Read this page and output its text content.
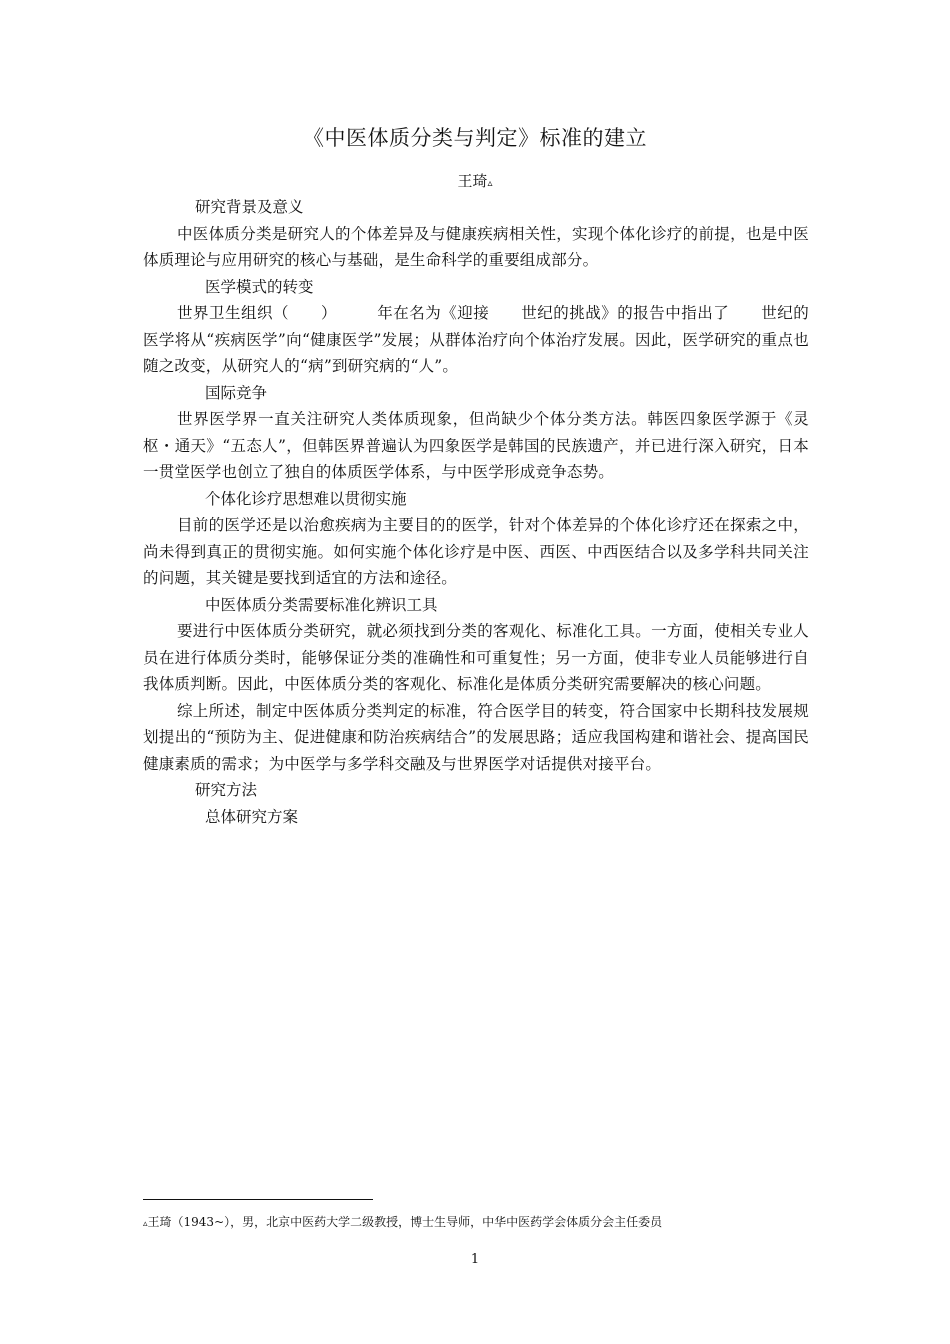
《中医体质分类与判定》标准的建立
王琦▵

研究背景及意义

中医体质分类是研究人的个体差异及与健康疾病相关性，实现个体化诊疗的前提，也是中医体质理论与应用研究的核心与基础，是生命科学的重要组成部分。

医学模式的转变

世界卫生组织（　　）　　　年在名为《迎接　　世纪的挑战》的报告中指出了　　世纪的医学将从“疾病医学”向“健康医学”发展；从群体治疗向个体治疗发展。因此，医学研究的重点也随之改变，从研究人的“病”到研究病的“人”。

国际竞争

世界医学界一直关注研究人类体质现象，但尚缺少个体分类方法。韩医四象医学源于《灵枢・通天》“五态人”，但韩医界普遍认为四象医学是韩国的民族遗产，并已进行深入研究，日本一贯堂医学也创立了独自的体质医学体系，与中医学形成竞争态势。

个体化诊疗思想难以贯彻实施

目前的医学还是以治愈疾病为主要目的的医学，针对个体差异的个体化诊疗还在探索之中，尚未得到真正的贯彻实施。如何实施个体化诊疗是中医、西医、中西医结合以及多学科共同关注的问题，其关键是要找到适宜的方法和途径。

中医体质分类需要标准化辨识工具

要进行中医体质分类研究，就必须找到分类的客观化、标准化工具。一方面，使相关专业人员在进行体质分类时，能够保证分类的准确性和可重复性；另一方面，使非专业人员能够进行自我体质判断。因此，中医体质分类的客观化、标准化是体质分类研究需要解决的核心问题。

综上所述，制定中医体质分类判定的标准，符合医学目的转变，符合国家中长期科技发展规划提出的“预防为主、促进健康和防治疾病结合”的发展思路；适应我国构建和谐社会、提高国民健康素质的需求；为中医学与多学科交融及与世界医学对话提供对接平台。

研究方法

总体研究方案

▵王琦（1943~），男，北京中医药大学二级教授，博士生导师，中华中医药学会体质分会主任委员
1
